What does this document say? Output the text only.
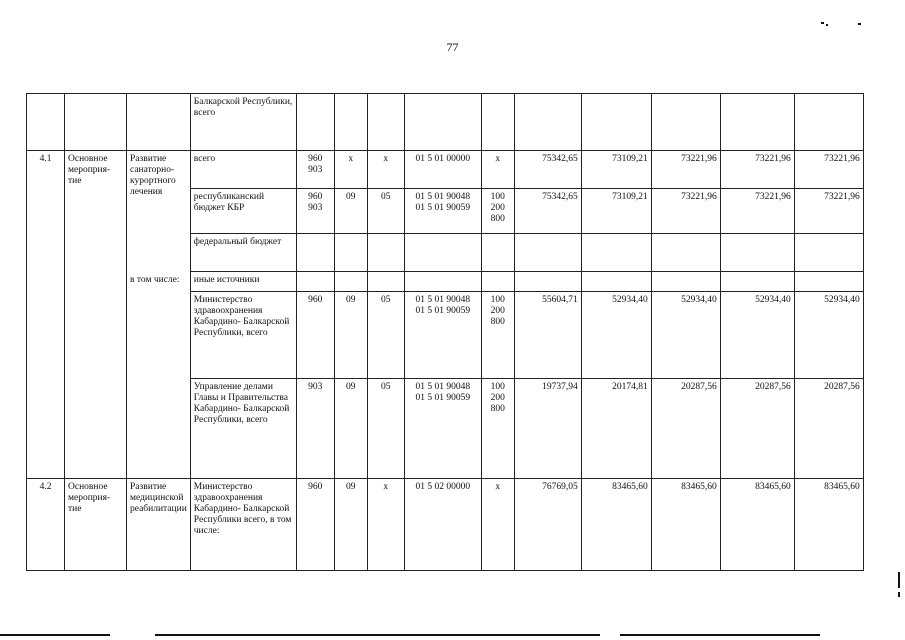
77
			Балкарской Республики, всего										
4.1	Основное мероприя- тие	Развитие санаторно- курортного лечения	всего	960
903	х	х	01 5 01 00000	х	75342,65	73109,21	73221,96	73221,96	73221,96
			республиканский бюджет КБР	960
903	09	05	01 5 01 90048
01 5 01 90059	100
200
800	75342,65	73109,21	73221,96	73221,96	73221,96
			федеральный бюджет										
		в том числе:	иные источники										
			Министерство здравоохранения Кабардино- Балкарской Республики, всего	960	09	05	01 5 01 90048
01 5 01 90059	100
200
800	55604,71	52934,40	52934,40	52934,40	52934,40
			Управление делами Главы и Правительства Кабардино- Балкарской Республики, всего	903	09	05	01 5 01 90048
01 5 01 90059	100
200
800	19737,94	20174,81	20287,56	20287,56	20287,56
4.2	Основное мероприя- тие	Развитие медицинской реабилитации	Министерство здравоохранения Кабардино- Балкарской Республики всего, в том числе:	960	09	х	01 5 02 00000	х	76769,05	83465,60	83465,60	83465,60	83465,60
